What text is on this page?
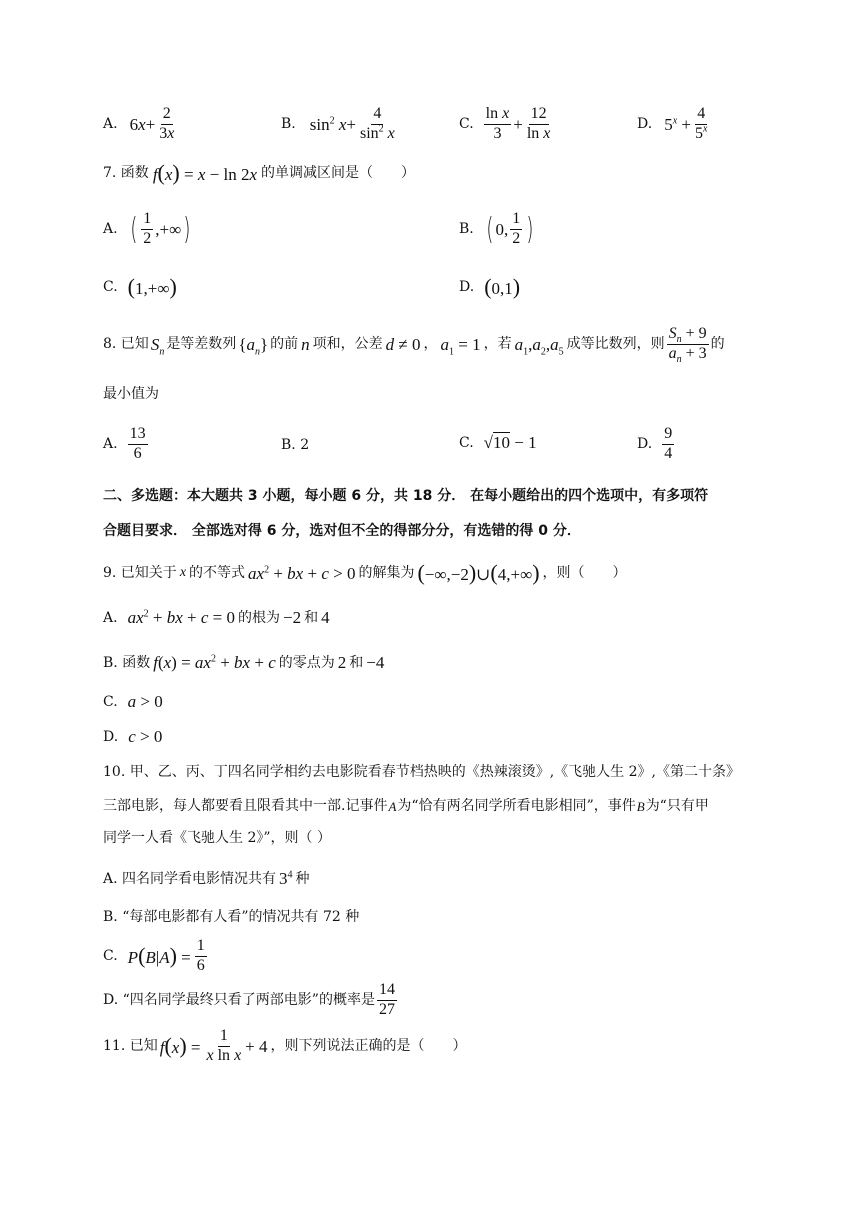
A. $6x+ \frac{2}{3x}$	B. $\sin^2 x+ \frac{4}{\sin^2 x}$	C. $\frac{\text{ln x}}{3} + \frac{12}{\text{ln x}}$	D. $5^x + \frac{4}{5^x}$
7. 函数 f(x) = x − ln 2x 的单调减区间是（　　）
A. ( $\frac{1}{2}$ ,+∞ )	B. ( 0, $\frac{1}{2}$ )
C. (1,+∞)	D. (0,1)
8. 已知 $S_n$ 是等差数列 $\{a_n\}$ 的前 n 项和，公差 d ≠ 0 ， $a_1 = 1$ ，若 $a_1,a_2,a_5$ 成等比数列，则 $\frac{S_n + 9}{a_n + 3}$ 的
最小值为
A. $\frac{13}{6}$	B. 2	C. √10 − 1	D. $\frac{9}{4}$
二、多选题：本大题共 3 小题，每小题 6 分，共 18 分． 在每小题给出的四个选项中，有多项符
合题目要求． 全部选对得 6 分，选对但不全的得部分分，有选错的得 0 分．
9. 已知关于 x 的不等式 $ax^2$ + bx + c > 0 的解集为 (−∞,−2)∪(4,+∞) ，则（　　）
A. $ax^2$ + bx + c = 0 的根为 −2 和 4
B. 函数 $f(x) = ax^2$ + bx + c 的零点为 2 和 −4
C. a > 0
D. c > 0
10. 甲、乙、丙、丁四名同学相约去电影院看春节档热映的《热辣滚烫》,《飞驰人生 2》,《第二十条》
三部电影，每人都要看且限看其中一部.记事件 A 为“恰有两名同学所看电影相同”，事件 B 为“只有甲
同学一人看《飞驰人生 2》”，则（ ）
A. 四名同学看电影情况共有 $3^4$ 种
B. “每部电影都有人看”的情况共有 72 种
C. $P(B|A) = \frac{1}{6}$
D. “四名同学最终只看了两部电影”的概率是 $\frac{14}{27}$
11. 已知 $f(x) = \frac{1}{\text{x ln x}} + 4$ ，则下列说法正确的是（　　）
